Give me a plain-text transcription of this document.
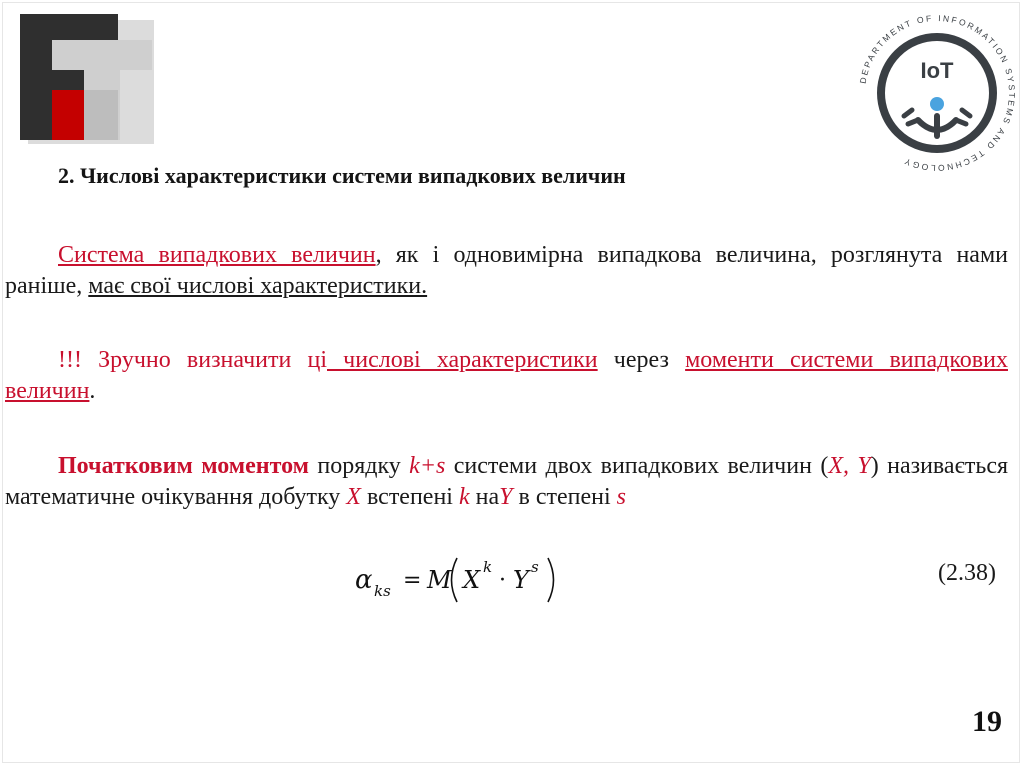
DEPARTMENT OF INFORMATION SYSTEMS AND TECHNOLOGY
IoT
2. Числові характеристики системи випадкових величин
Система випадкових величин, як і одновимірна випадкова величина, розглянута нами раніше, має свої числові характеристики.
!!! Зручно визначити ці числові характеристики через моменти системи випадкових величин.
Початковим моментом порядку k+s системи двох випадкових величин (X, Y) називається математичне очікування добутку X встепені k наY в степені s
α ks = M X k
· Y s	(2.38)
19
